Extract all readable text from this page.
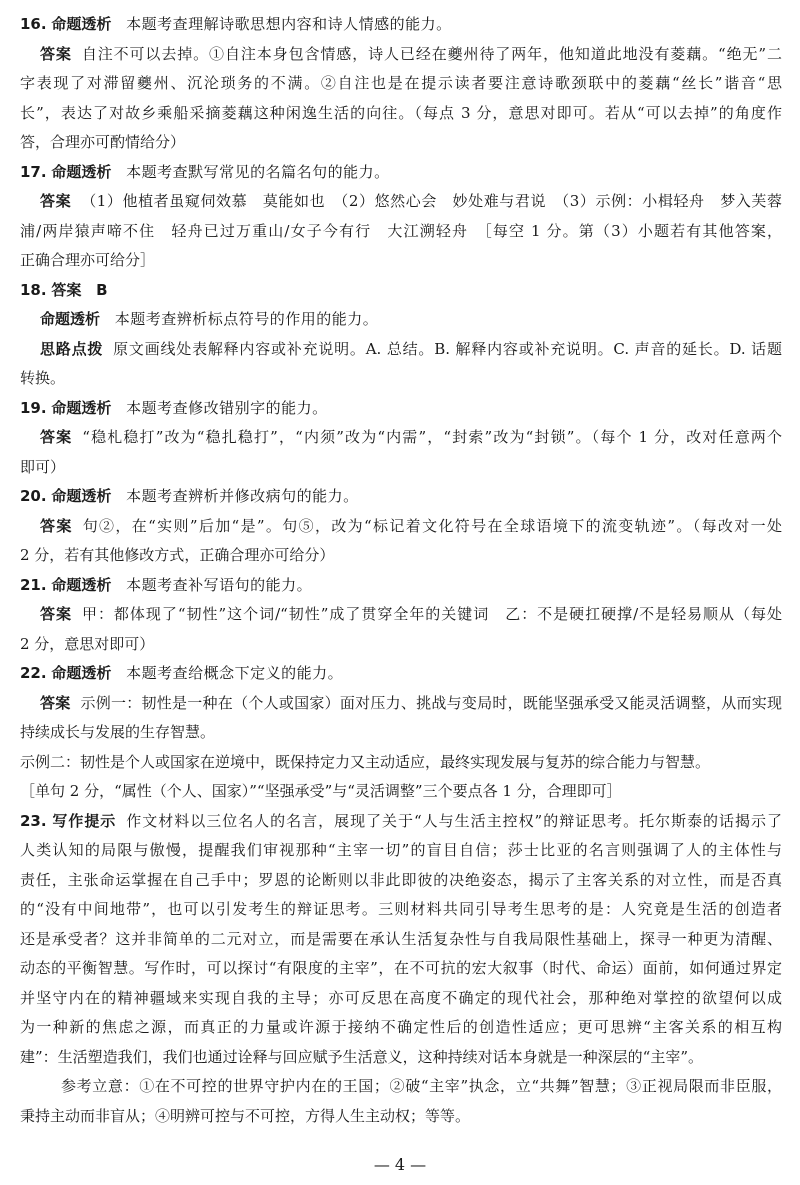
16. 命题透析 本题考查理解诗歌思想内容和诗人情感的能力。
答案 自注不可以去掉。①自注本身包含情感，诗人已经在夔州待了两年，他知道此地没有菱藕。“绝无”二
字表现了对滞留夔州、沉沦琐务的不满。②自注也是在提示读者要注意诗歌颈联中的菱藕“丝长”谐音“思
长”，表达了对故乡乘船采摘菱藕这种闲逸生活的向往。（每点 3 分，意思对即可。若从“可以去掉”的角度作
答，合理亦可酌情给分）
17. 命题透析 本题考查默写常见的名篇名句的能力。
答案 （1）他植者虽窥伺效慕　莫能如也　（2）悠然心会　妙处难与君说　（3）示例：小楫轻舟　梦入芙蓉
浦/两岸猿声啼不住　轻舟已过万重山/女子今有行　大江溯轻舟　［每空 1 分。第（3）小题若有其他答案，
正确合理亦可给分］
18. 答案 B
命题透析 本题考查辨析标点符号的作用的能力。
思路点拨 原文画线处表解释内容或补充说明。A. 总结。B. 解释内容或补充说明。C. 声音的延长。D. 话题
转换。
19. 命题透析 本题考查修改错别字的能力。
答案 “稳札稳打”改为“稳扎稳打”，“内须”改为“内需”，“封索”改为“封锁”。（每个 1 分，改对任意两个
即可）
20. 命题透析 本题考查辨析并修改病句的能力。
答案 句②，在“实则”后加“是”。句⑤，改为“标记着文化符号在全球语境下的流变轨迹”。（每改对一处
2 分，若有其他修改方式，正确合理亦可给分）
21. 命题透析 本题考查补写语句的能力。
答案 甲：都体现了“韧性”这个词/“韧性”成了贯穿全年的关键词　乙：不是硬扛硬撑/不是轻易顺从（每处
2 分，意思对即可）
22. 命题透析 本题考查给概念下定义的能力。
答案 示例一：韧性是一种在（个人或国家）面对压力、挑战与变局时，既能坚强承受又能灵活调整，从而实现
持续成长与发展的生存智慧。
示例二：韧性是个人或国家在逆境中，既保持定力又主动适应，最终实现发展与复苏的综合能力与智慧。
［单句 2 分，“属性（个人、国家）”“坚强承受”与“灵活调整”三个要点各 1 分，合理即可］
23. 写作提示 作文材料以三位名人的名言，展现了关于“人与生活主控权”的辩证思考。托尔斯泰的话揭示了
人类认知的局限与傲慢，提醒我们审视那种“主宰一切”的盲目自信；莎士比亚的名言则强调了人的主体性与
责任，主张命运掌握在自己手中；罗恩的论断则以非此即彼的决绝姿态，揭示了主客关系的对立性，而是否真
的“没有中间地带”，也可以引发考生的辩证思考。三则材料共同引导考生思考的是：人究竟是生活的创造者
还是承受者？这并非简单的二元对立，而是需要在承认生活复杂性与自我局限性基础上，探寻一种更为清醒、
动态的平衡智慧。写作时，可以探讨“有限度的主宰”，在不可抗的宏大叙事（时代、命运）面前，如何通过界定
并坚守内在的精神疆域来实现自我的主导；亦可反思在高度不确定的现代社会，那种绝对掌控的欲望何以成
为一种新的焦虑之源，而真正的力量或许源于接纳不确定性后的创造性适应；更可思辨“主客关系的相互构
建”：生活塑造我们，我们也通过诠释与回应赋予生活意义，这种持续对话本身就是一种深层的“主宰”。
参考立意：①在不可控的世界守护内在的王国；②破“主宰”执念，立“共舞”智慧；③正视局限而非臣服，
秉持主动而非盲从；④明辨可控与不可控，方得人生主动权；等等。
— 4 —
